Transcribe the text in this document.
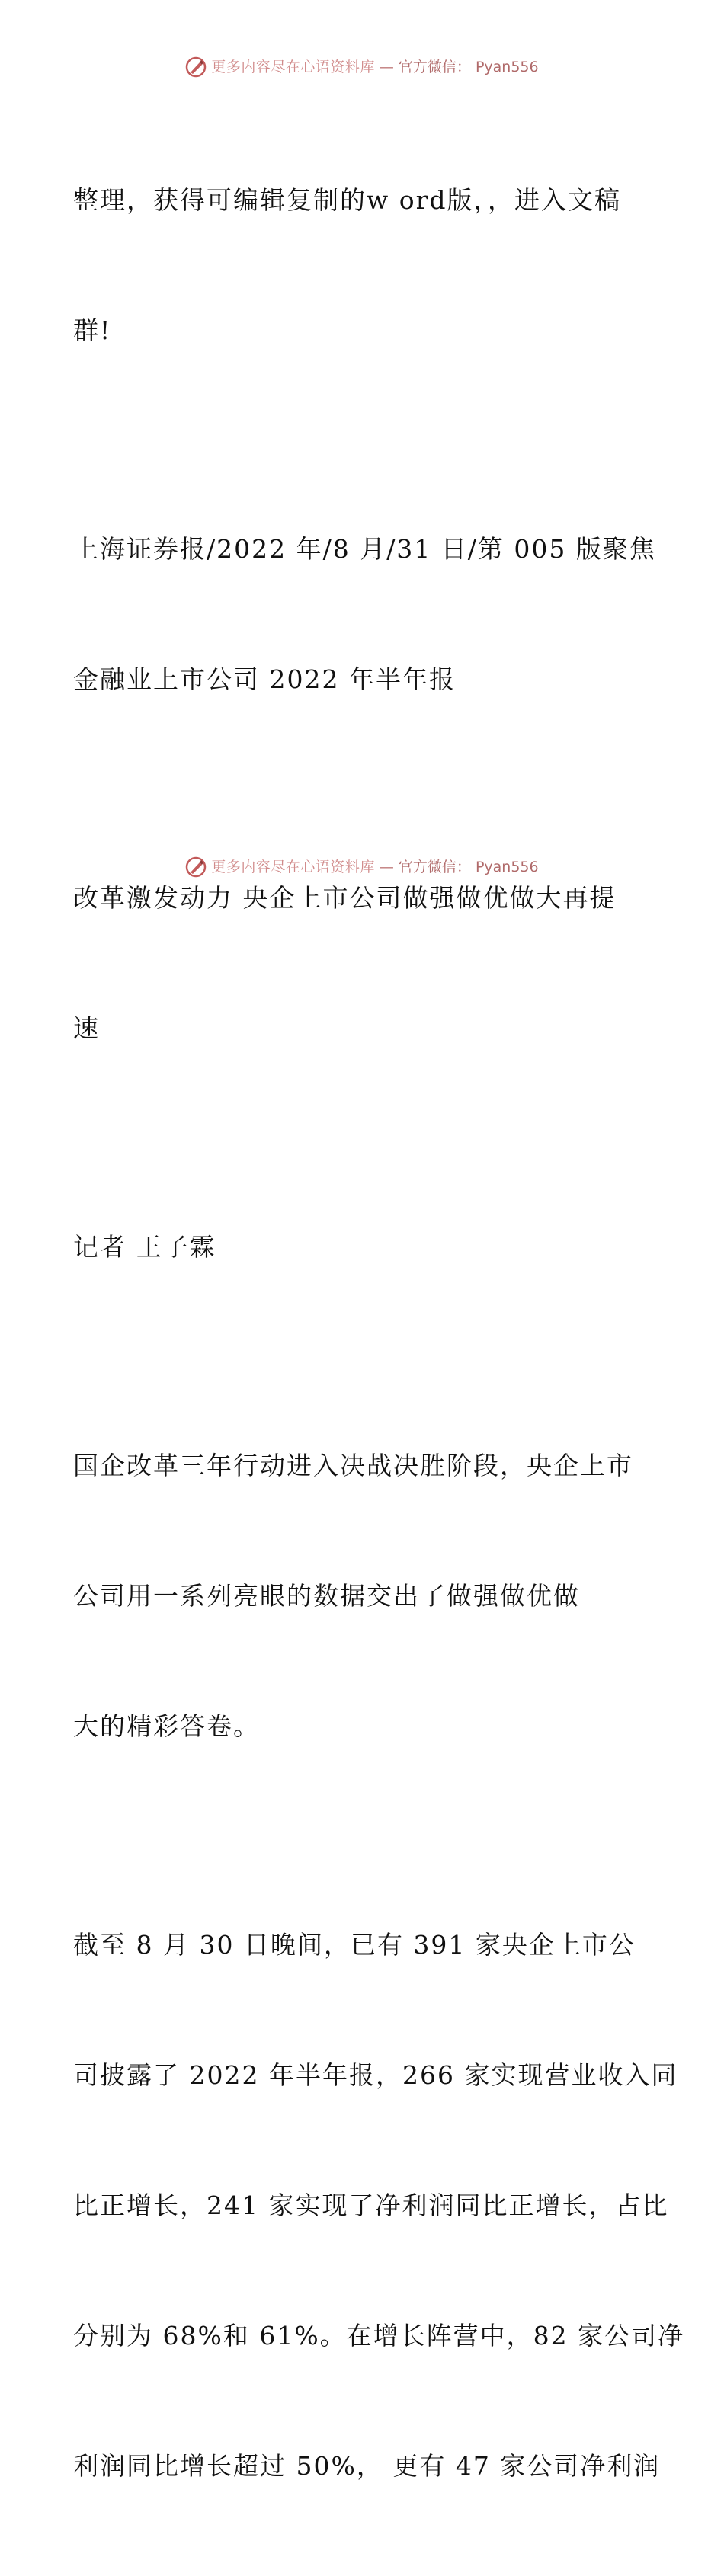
更多内容尽在心语资料库 — 官方微信： Pyan556

整理，获得可编辑复制的w ord版，，进入文稿

群!

上海证券报/2022 年/8 月/31 日/第 005 版聚焦

金融业上市公司 2022 年半年报

改革激发动力 央企上市公司做强做优做大再提

速

记者 王子霖

国企改革三年行动进入决战决胜阶段，央企上市

公司用一系列亮眼的数据交出了做强做优做

大的精彩答卷。

截至 8 月 30 日晚间，已有 391 家央企上市公

司披露了 2022 年半年报，266 家实现营业收入同

比正增长，241 家实现了净利润同比正增长，占比

分别为 68%和 61%。在增长阵营中，82 家公司净

利润同比增长超过 50%， 更有 47 家公司净利润

更多内容尽在心语资料库 — 官方微信： Pyan556
